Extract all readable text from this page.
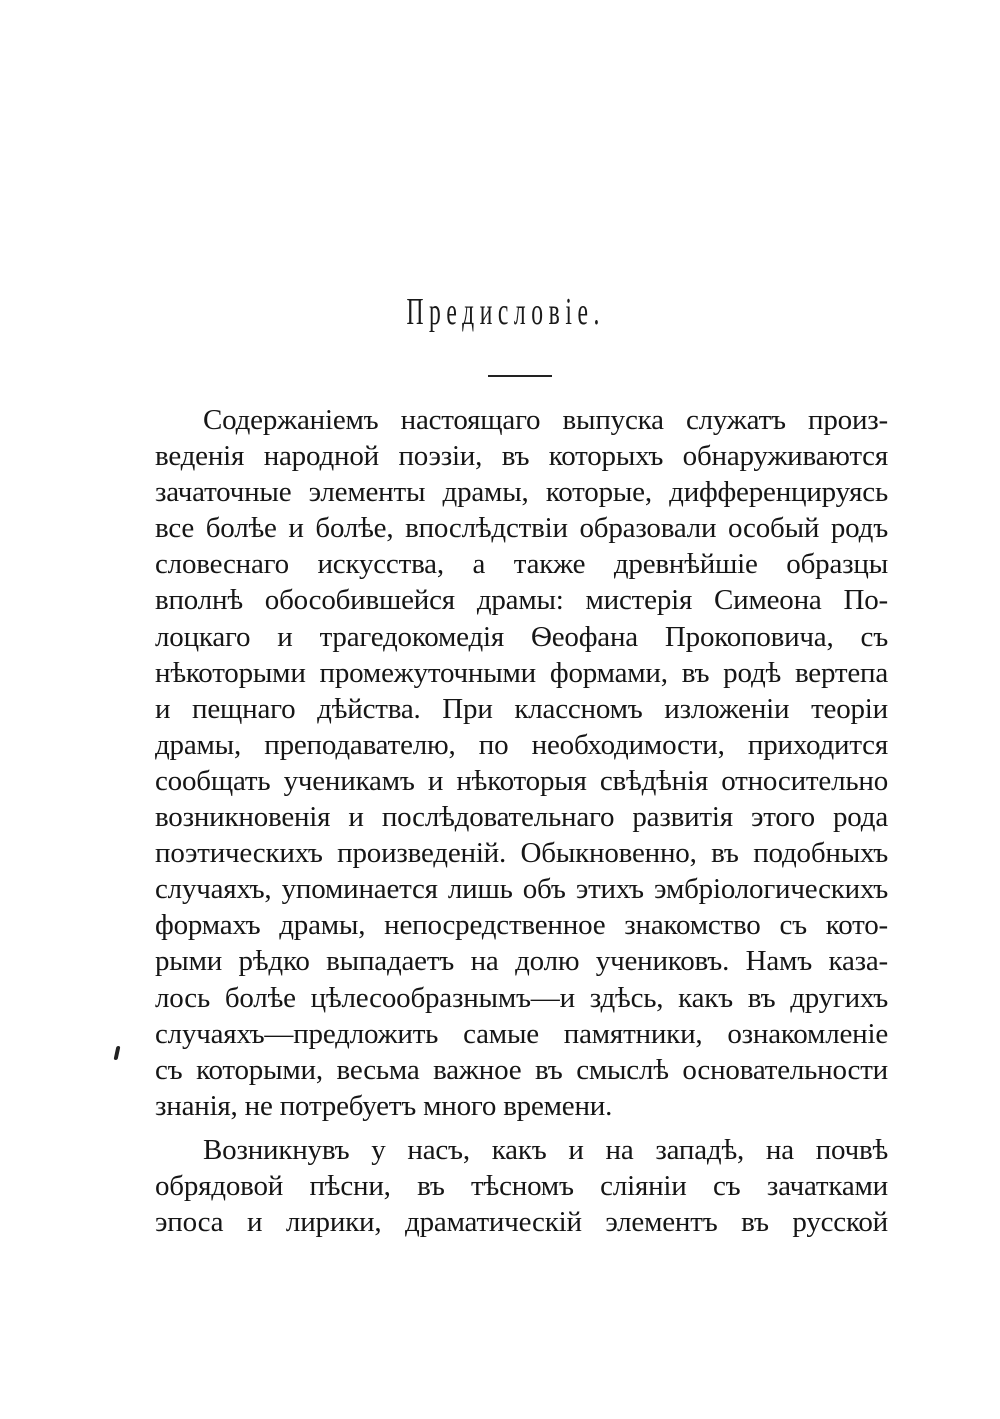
Предисловіе.
Содержаніемъ настоящаго выпуска служатъ произ-
веденія народной поэзіи, въ которыхъ обнаруживаются
зачаточные элементы драмы, которые, дифференцируясь
все болѣе и болѣе, впослѣдствіи образовали особый родъ
словеснаго искусства, а также древнѣйшіе образцы
вполнѣ обособившейся драмы: мистерія Симеона По-
лоцкаго и трагедокомедія Ѳеофана Прокоповича, съ
нѣкоторыми промежуточными формами, въ родѣ вертепа
и пещнаго дѣйства. При классномъ изложеніи теоріи
драмы, преподавателю, по необходимости, приходится
сообщать ученикамъ и нѣкоторыя свѣдѣнія относительно
возникновенія и послѣдовательнаго развитія этого рода
поэтическихъ произведеній. Обыкновенно, въ подобныхъ
случаяхъ, упоминается лишь объ этихъ эмбріологическихъ
формахъ драмы, непосредственное знакомство съ кото-
рыми рѣдко выпадаетъ на долю учениковъ. Намъ каза-
лось болѣе цѣлесообразнымъ—и здѣсь, какъ въ другихъ
случаяхъ—предложить самые памятники, ознакомленіе
съ которыми, весьма важное въ смыслѣ основательности
знанія, не потребуетъ много времени.
Возникнувъ у насъ, какъ и на западѣ, на почвѣ
обрядовой пѣсни, въ тѣсномъ сліяніи съ зачатками
эпоса и лирики, драматическій элементъ въ русской
